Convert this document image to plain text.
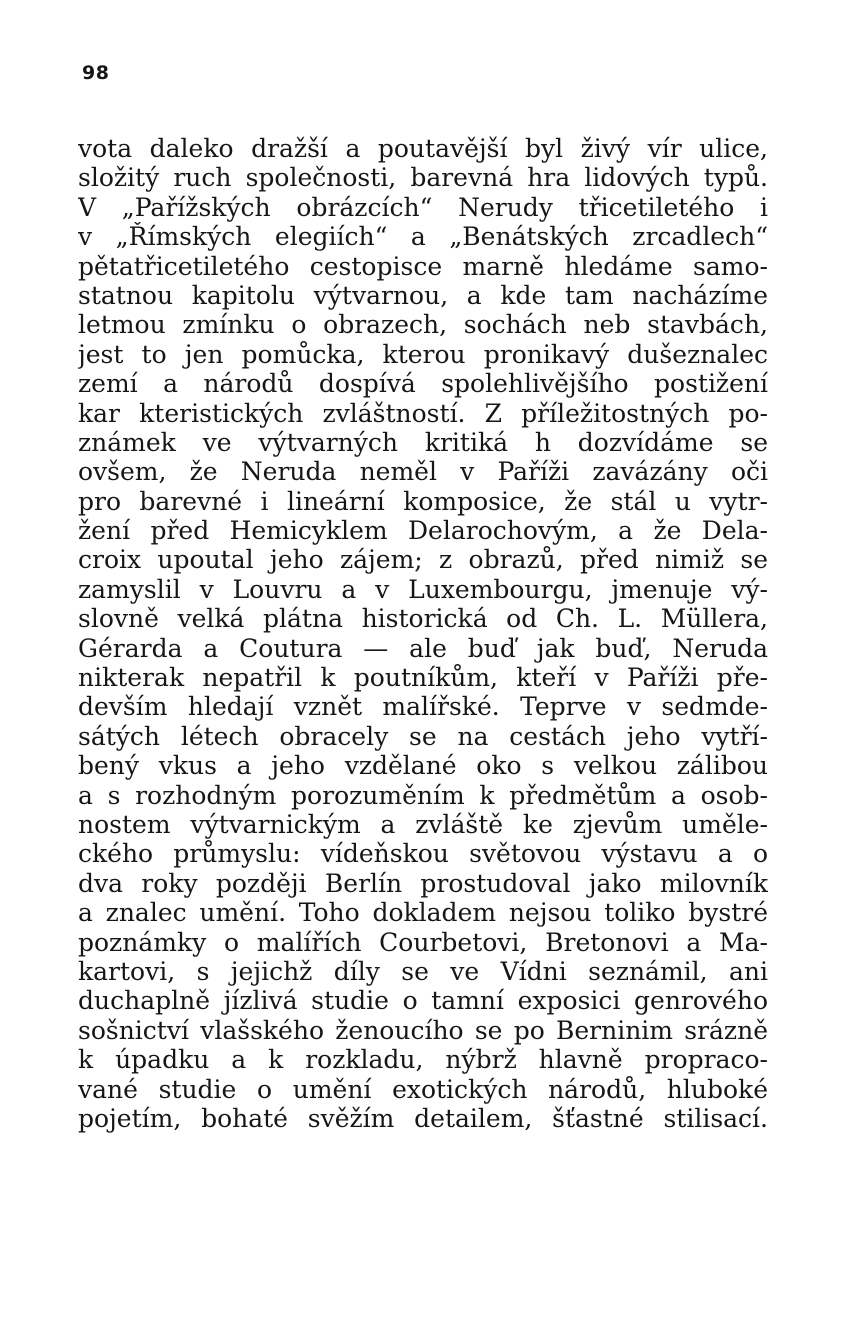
98
vota daleko dražší a poutavější byl živý vír ulice,
složitý ruch společnosti, barevná hra lidových typů.
V „Pařížských obrázcích“ Nerudy třicetiletého i
v „Římských elegiích“ a „Benátských zrcadlech“
pětatřicetiletého cestopisce marně hledáme samo-
statnou kapitolu výtvarnou, a kde tam nacházíme
letmou zmínku o obrazech, sochách neb stavbách,
jest to jen pomůcka, kterou pronikavý dušeznalec
zemí a národů dospívá spolehlivějšího postižení
kar kteristických zvláštností. Z příležitostných po-
známek ve výtvarných kritiká h dozvídáme se
ovšem, že Neruda neměl v Paříži zavázány oči
pro barevné i lineární komposice, že stál u vytr-
žení před Hemicyklem Delarochovým, a že Dela-
croix upoutal jeho zájem; z obrazů, před nimiž se
zamyslil v Louvru a v Luxembourgu, jmenuje vý-
slovně velká plátna historická od Ch. L. Müllera,
Gérarda a Coutura — ale buď jak buď, Neruda
nikterak nepatřil k poutníkům, kteří v Paříži pře-
devším hledají vznět malířské. Teprve v sedmde-
sátých létech obracely se na cestách jeho vytří-
bený vkus a jeho vzdělané oko s velkou zálibou
a s rozhodným porozuměním k předmětům a osob-
nostem výtvarnickým a zvláště ke zjevům uměle-
ckého průmyslu: vídeňskou světovou výstavu a o
dva roky později Berlín prostudoval jako milovník
a znalec umění. Toho dokladem nejsou toliko bystré
poznámky o malířích Courbetovi, Bretonovi a Ma-
kartovi, s jejichž díly se ve Vídni seznámil, ani
duchaplně jízlivá studie o tamní exposici genrového
sošnictví vlašského ženoucího se po Berninim srázně
k úpadku a k rozkladu, nýbrž hlavně propraco-
vané studie o umění exotických národů, hluboké
pojetím, bohaté svěžím detailem, šťastné stilisací.
